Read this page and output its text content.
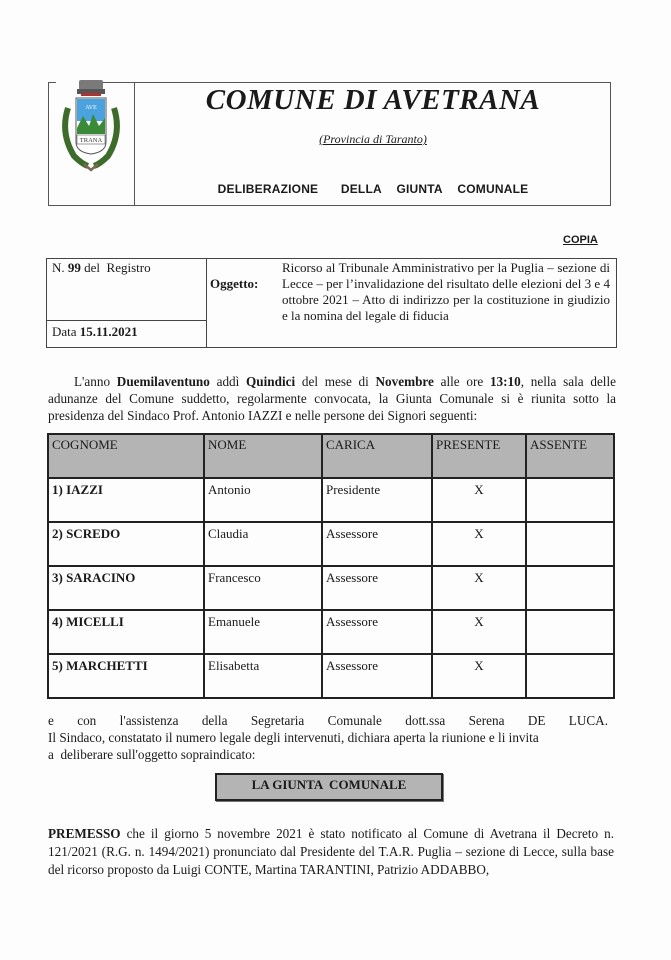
AVE
TRANA
COMUNE DI AVETRANA
(Provincia di Taranto)
DELIBERAZIONE   DELLA  GIUNTA  COMUNALE
COPIA
N. 99 del  Registro
Data 15.11.2021
Oggetto:
Ricorso al Tribunale Amministrativo per la Puglia – sezione di Lecce – per l’invalidazione del risultato delle elezioni del 3 e 4 ottobre 2021 – Atto di indirizzo per la costituzione in giudizio e la nomina del legale di fiducia
L'anno Duemilaventuno addì Quindici del mese di Novembre alle ore 13:10, nella sala delle adunanze del Comune suddetto, regolarmente convocata, la Giunta Comunale si è riunita sotto la presidenza del Sindaco Prof. Antonio IAZZI e nelle persone dei Signori seguenti:
COGNOME	NOME	CARICA	PRESENTE	ASSENTE
1) IAZZI	Antonio	Presidente	X	
2) SCREDO	Claudia	Assessore	X	
3) SARACINO	Francesco	Assessore	X	
4) MICELLI	Emanuele	Assessore	X	
5) MARCHETTI	Elisabetta	Assessore	X	
e con l'assistenza della Segretaria Comunale dott.ssa Serena DE LUCA.
Il Sindaco, constatato il numero legale degli intervenuti, dichiara aperta la riunione e li invita
a  deliberare sull'oggetto sopraindicato:
LA GIUNTA  COMUNALE
PREMESSO che il giorno 5 novembre 2021 è stato notificato al Comune di Avetrana il Decreto n. 121/2021 (R.G. n. 1494/2021) pronunciato dal Presidente del T.A.R. Puglia – sezione di Lecce, sulla base del ricorso proposto da Luigi CONTE, Martina TARANTINI, Patrizio ADDABBO,
